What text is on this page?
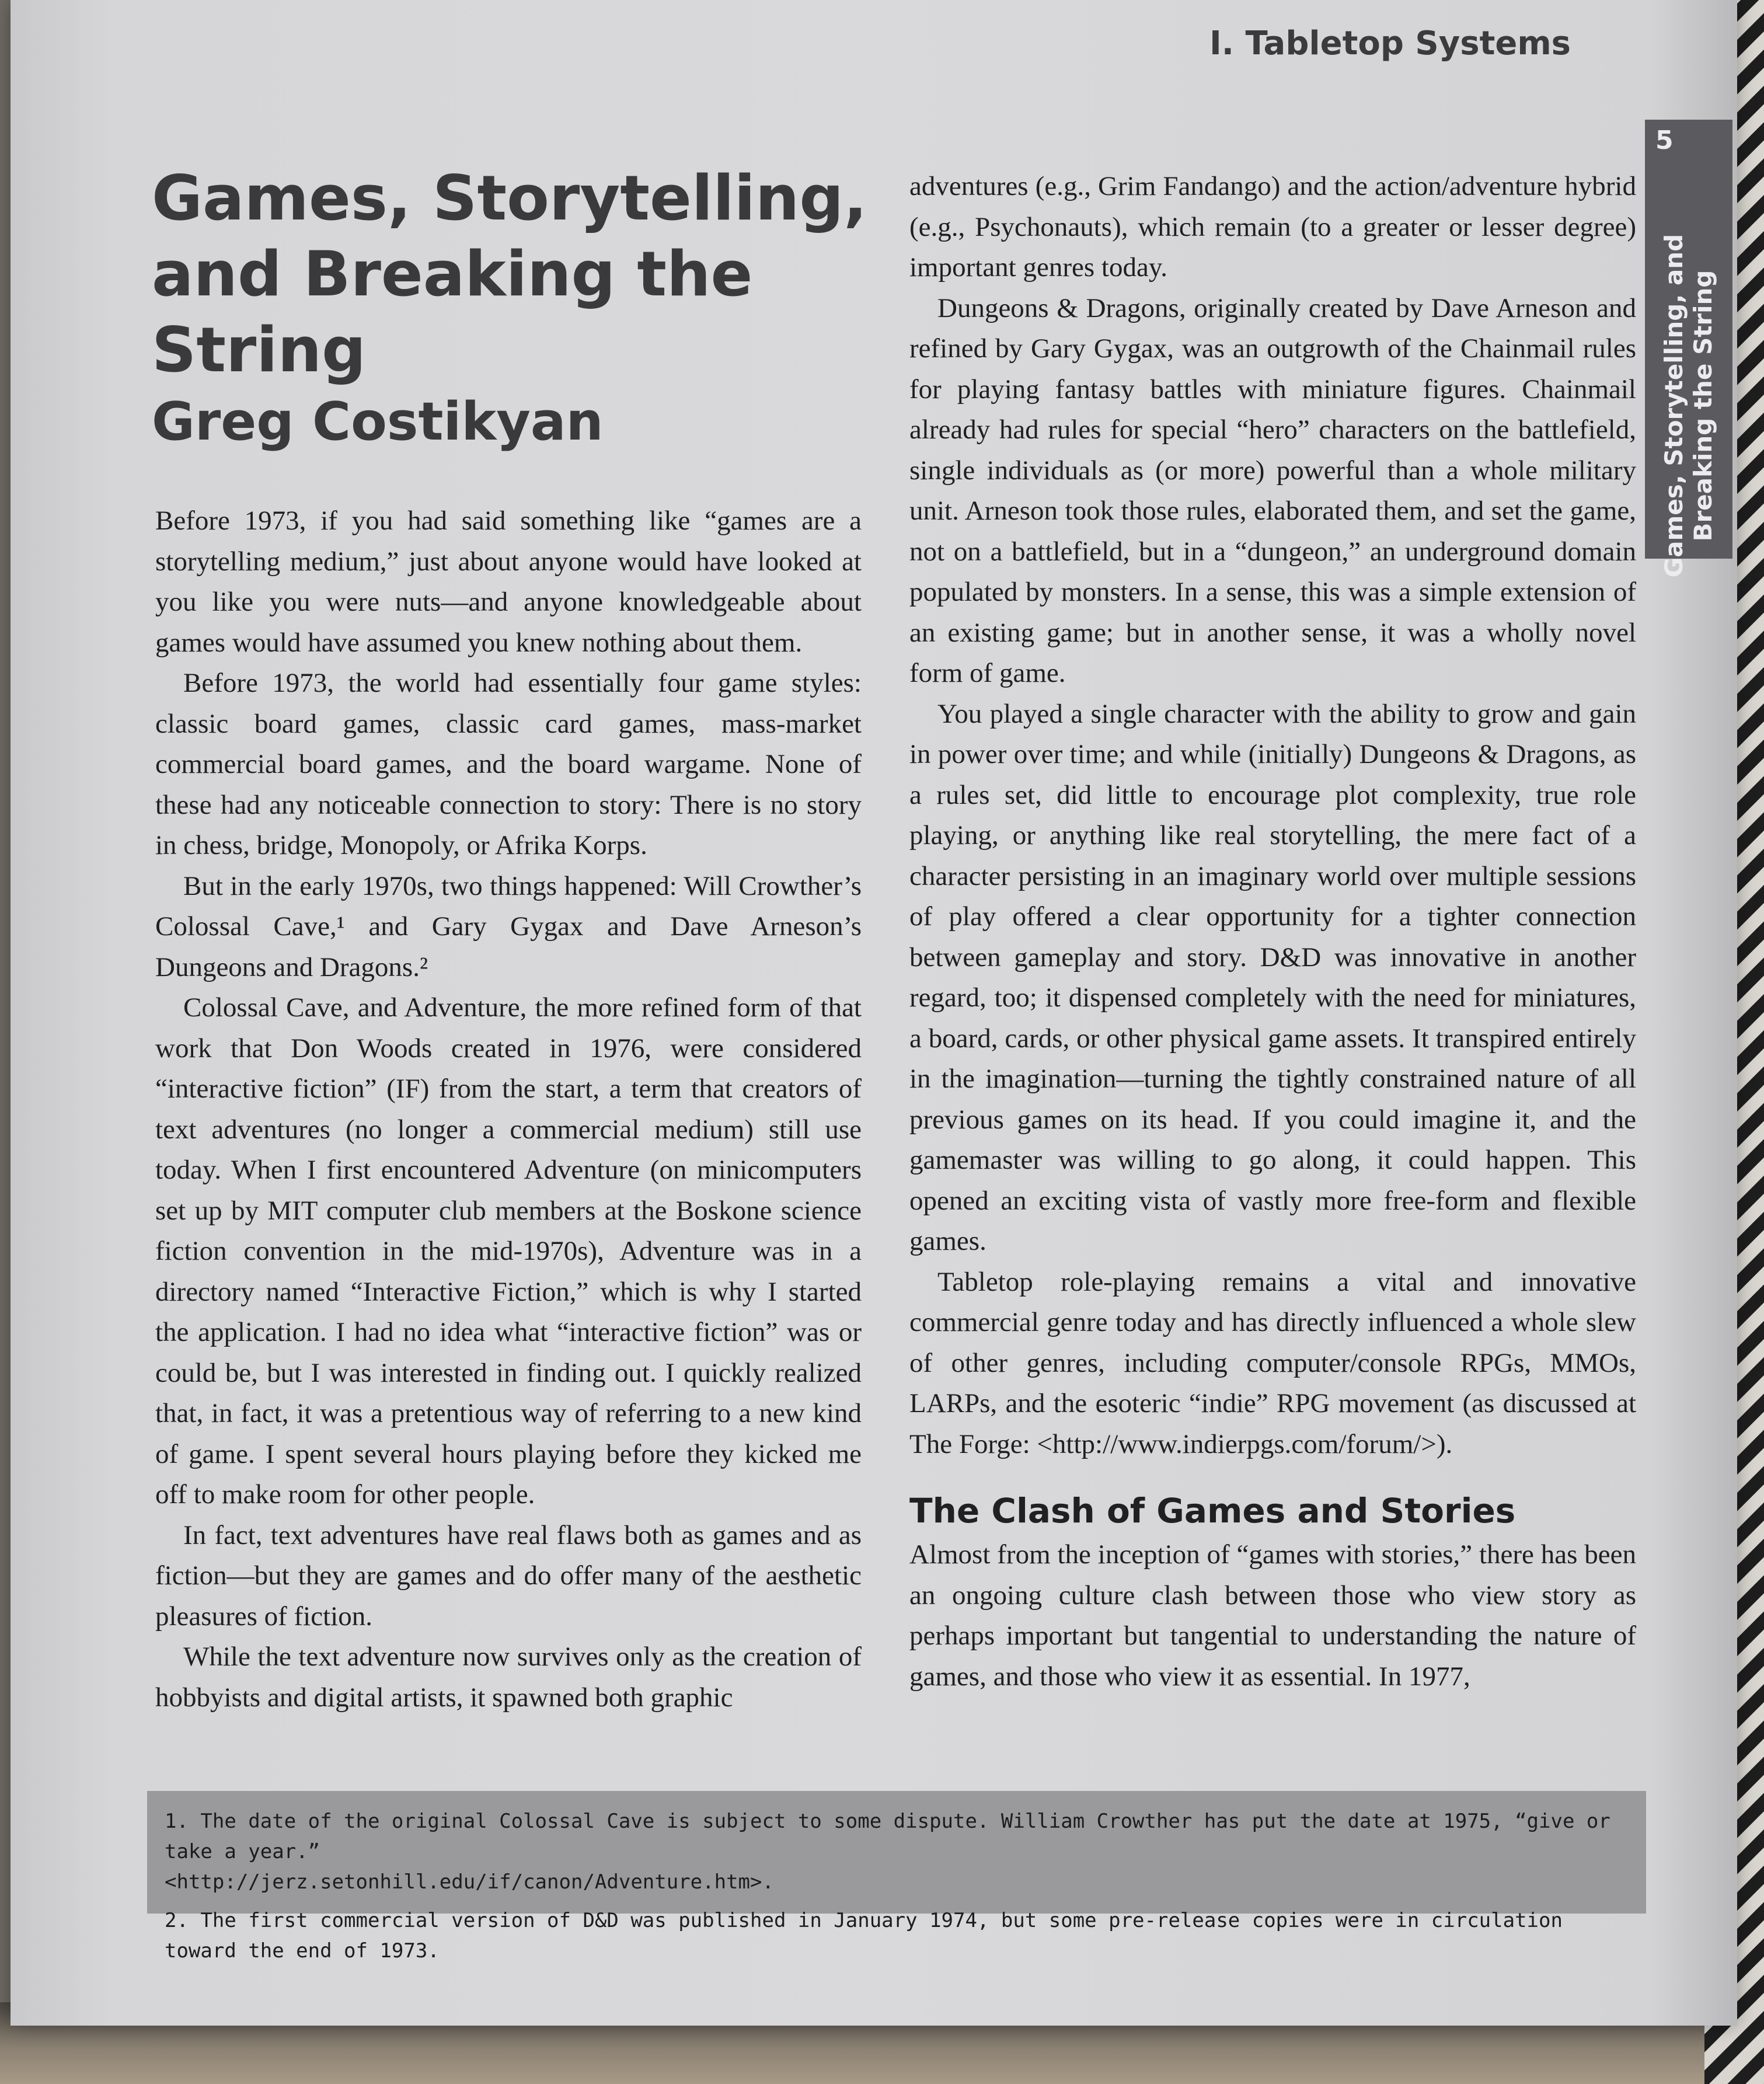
I. Tabletop Systems
5
Games, Storytelling, and Breaking the String
Games, Storytelling, and Breaking the String
Greg Costikyan

Before 1973, if you had said something like “games are a storytelling medium,” just about anyone would have looked at you like you were nuts—and anyone knowledgeable about games would have assumed you knew nothing about them.

Before 1973, the world had essentially four game styles: classic board games, classic card games, mass-market commercial board games, and the board wargame. None of these had any noticeable connection to story: There is no story in chess, bridge, Monopoly, or Afrika Korps.

But in the early 1970s, two things happened: Will Crowther’s Colossal Cave,¹ and Gary Gygax and Dave Arneson’s Dungeons and Dragons.²

Colossal Cave, and Adventure, the more refined form of that work that Don Woods created in 1976, were considered “interactive fiction” (IF) from the start, a term that creators of text adventures (no longer a commercial medium) still use today. When I first encountered Adventure (on minicomputers set up by MIT computer club members at the Boskone science fiction convention in the mid-1970s), Adventure was in a directory named “Interactive Fiction,” which is why I started the application. I had no idea what “interactive fiction” was or could be, but I was interested in finding out. I quickly realized that, in fact, it was a pretentious way of referring to a new kind of game. I spent several hours playing before they kicked me off to make room for other people.

In fact, text adventures have real flaws both as games and as fiction—but they are games and do offer many of the aesthetic pleasures of fiction.

While the text adventure now survives only as the creation of hobbyists and digital artists, it spawned both graphic

adventures (e.g., Grim Fandango) and the action/adventure hybrid (e.g., Psychonauts), which remain (to a greater or lesser degree) important genres today.

Dungeons & Dragons, originally created by Dave Arneson and refined by Gary Gygax, was an outgrowth of the Chainmail rules for playing fantasy battles with miniature figures. Chainmail already had rules for special “hero” characters on the battlefield, single individuals as (or more) powerful than a whole military unit. Arneson took those rules, elaborated them, and set the game, not on a battlefield, but in a “dungeon,” an underground domain populated by monsters. In a sense, this was a simple extension of an existing game; but in another sense, it was a wholly novel form of game.

You played a single character with the ability to grow and gain in power over time; and while (initially) Dungeons & Dragons, as a rules set, did little to encourage plot complexity, true role playing, or anything like real storytelling, the mere fact of a character persisting in an imaginary world over multiple sessions of play offered a clear opportunity for a tighter connection between gameplay and story. D&D was innovative in another regard, too; it dispensed completely with the need for miniatures, a board, cards, or other physical game assets. It transpired entirely in the imagination—turning the tightly constrained nature of all previous games on its head. If you could imagine it, and the gamemaster was willing to go along, it could happen. This opened an exciting vista of vastly more free-form and flexible games.

Tabletop role-playing remains a vital and innovative commercial genre today and has directly influenced a whole slew of other genres, including computer/console RPGs, MMOs, LARPs, and the esoteric “indie” RPG movement (as discussed at The Forge: <http://www.indierpgs.com/forum/>).

The Clash of Games and Stories

Almost from the inception of “games with stories,” there has been an ongoing culture clash between those who view story as perhaps important but tangential to understanding the nature of games, and those who view it as essential. In 1977,

1. The date of the original Colossal Cave is subject to some dispute. William Crowther has put the date at 1975, “give or take a year.”

<http://jerz.setonhill.edu/if/canon/Adventure.htm>.

2. The first commercial version of D&D was published in January 1974, but some pre-release copies were in circulation toward the end of 1973.
